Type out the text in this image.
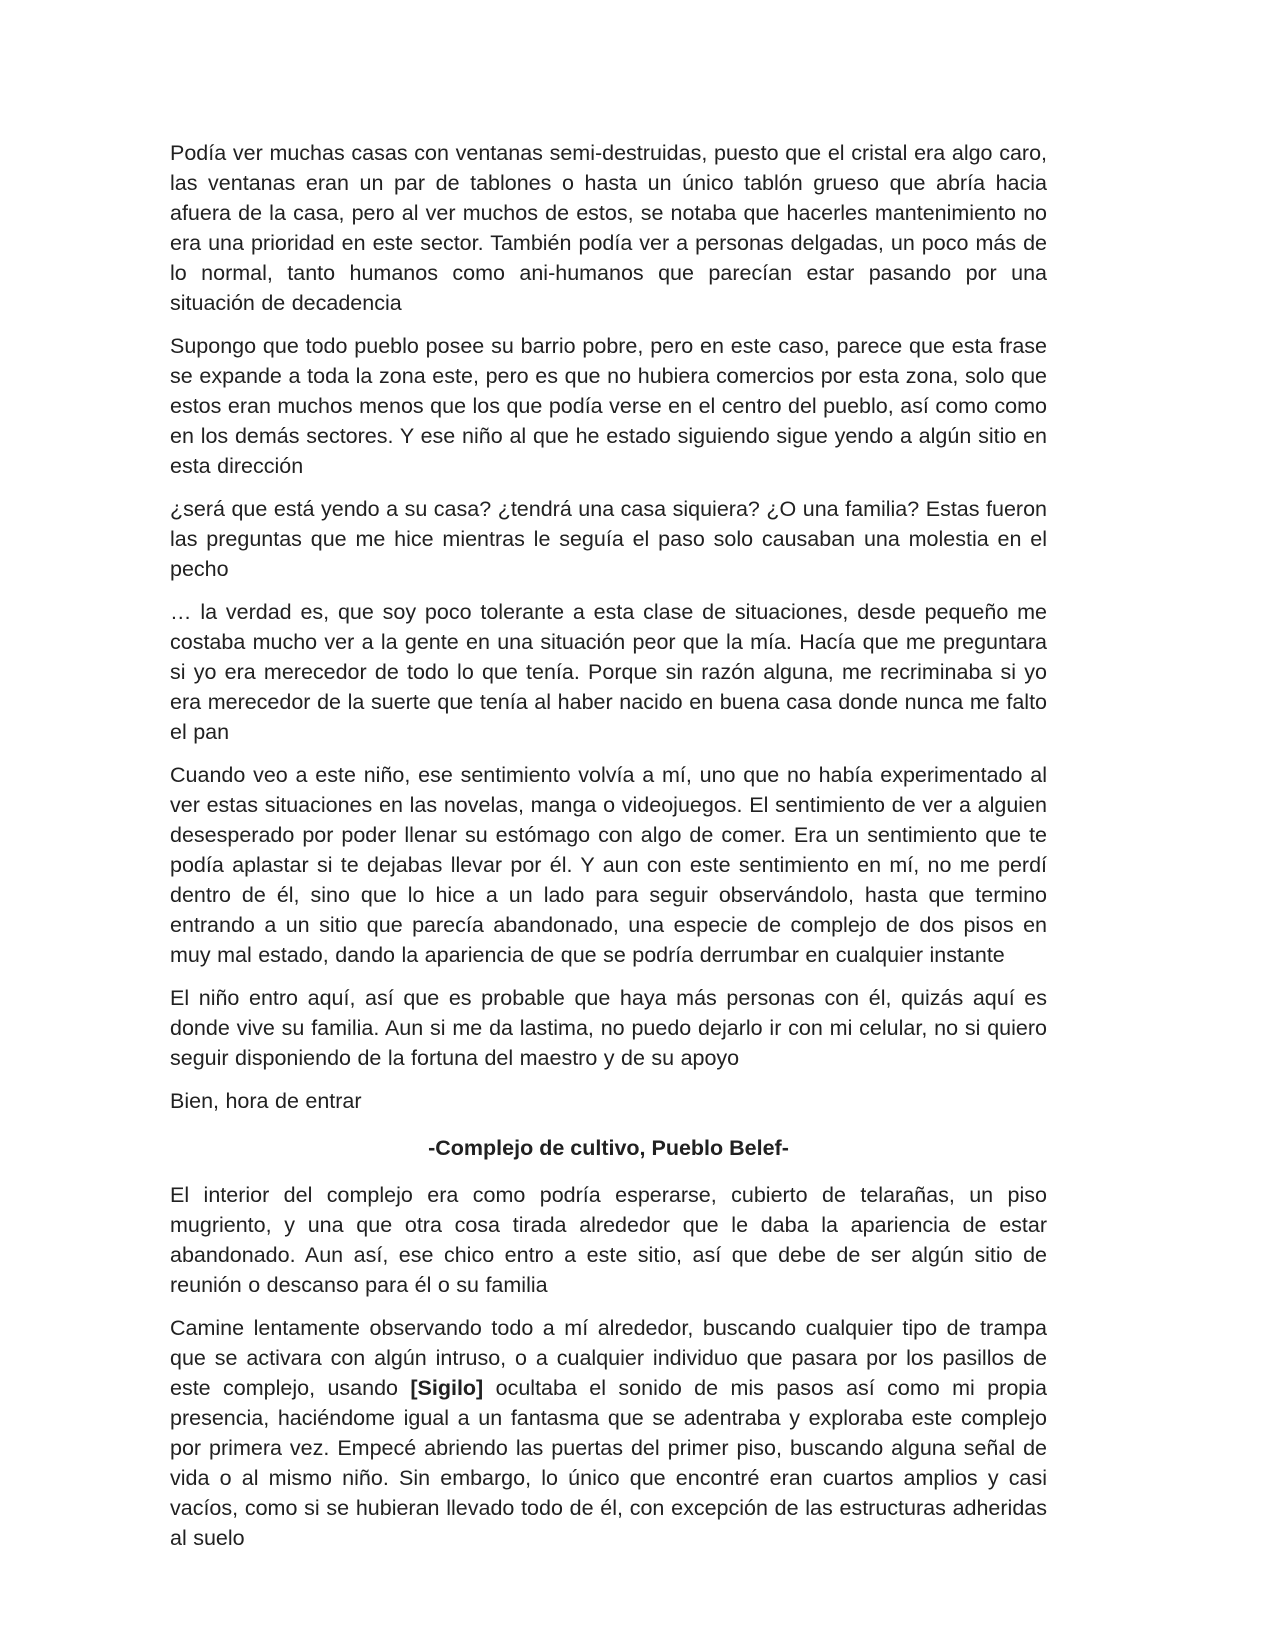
Podía ver muchas casas con ventanas semi-destruidas, puesto que el cristal era algo caro, las ventanas eran un par de tablones o hasta un único tablón grueso que abría hacia afuera de la casa, pero al ver muchos de estos, se notaba que hacerles mantenimiento no era una prioridad en este sector. También podía ver a personas delgadas, un poco más de lo normal, tanto humanos como ani-humanos que parecían estar pasando por una situación de decadencia

Supongo que todo pueblo posee su barrio pobre, pero en este caso, parece que esta frase se expande a toda la zona este, pero es que no hubiera comercios por esta zona, solo que estos eran muchos menos que los que podía verse en el centro del pueblo, así como como en los demás sectores. Y ese niño al que he estado siguiendo sigue yendo a algún sitio en esta dirección

¿será que está yendo a su casa? ¿tendrá una casa siquiera? ¿O una familia? Estas fueron las preguntas que me hice mientras le seguía el paso solo causaban una molestia en el pecho

… la verdad es, que soy poco tolerante a esta clase de situaciones, desde pequeño me costaba mucho ver a la gente en una situación peor que la mía. Hacía que me preguntara si yo era merecedor de todo lo que tenía. Porque sin razón alguna, me recriminaba si yo era merecedor de la suerte que tenía al haber nacido en buena casa donde nunca me falto el pan

Cuando veo a este niño, ese sentimiento volvía a mí, uno que no había experimentado al ver estas situaciones en las novelas, manga o videojuegos. El sentimiento de ver a alguien desesperado por poder llenar su estómago con algo de comer. Era un sentimiento que te podía aplastar si te dejabas llevar por él. Y aun con este sentimiento en mí, no me perdí dentro de él, sino que lo hice a un lado para seguir observándolo, hasta que termino entrando a un sitio que parecía abandonado, una especie de complejo de dos pisos en muy mal estado, dando la apariencia de que se podría derrumbar en cualquier instante

El niño entro aquí, así que es probable que haya más personas con él, quizás aquí es donde vive su familia. Aun si me da lastima, no puedo dejarlo ir con mi celular, no si quiero seguir disponiendo de la fortuna del maestro y de su apoyo

Bien, hora de entrar

-Complejo de cultivo, Pueblo Belef-

El interior del complejo era como podría esperarse, cubierto de telarañas, un piso mugriento, y una que otra cosa tirada alrededor que le daba la apariencia de estar abandonado. Aun así, ese chico entro a este sitio, así que debe de ser algún sitio de reunión o descanso para él o su familia

Camine lentamente observando todo a mí alrededor, buscando cualquier tipo de trampa que se activara con algún intruso, o a cualquier individuo que pasara por los pasillos de este complejo, usando [Sigilo] ocultaba el sonido de mis pasos así como mi propia presencia, haciéndome igual a un fantasma que se adentraba y exploraba este complejo por primera vez. Empecé abriendo las puertas del primer piso, buscando alguna señal de vida o al mismo niño. Sin embargo, lo único que encontré eran cuartos amplios y casi vacíos, como si se hubieran llevado todo de él, con excepción de las estructuras adheridas al suelo
